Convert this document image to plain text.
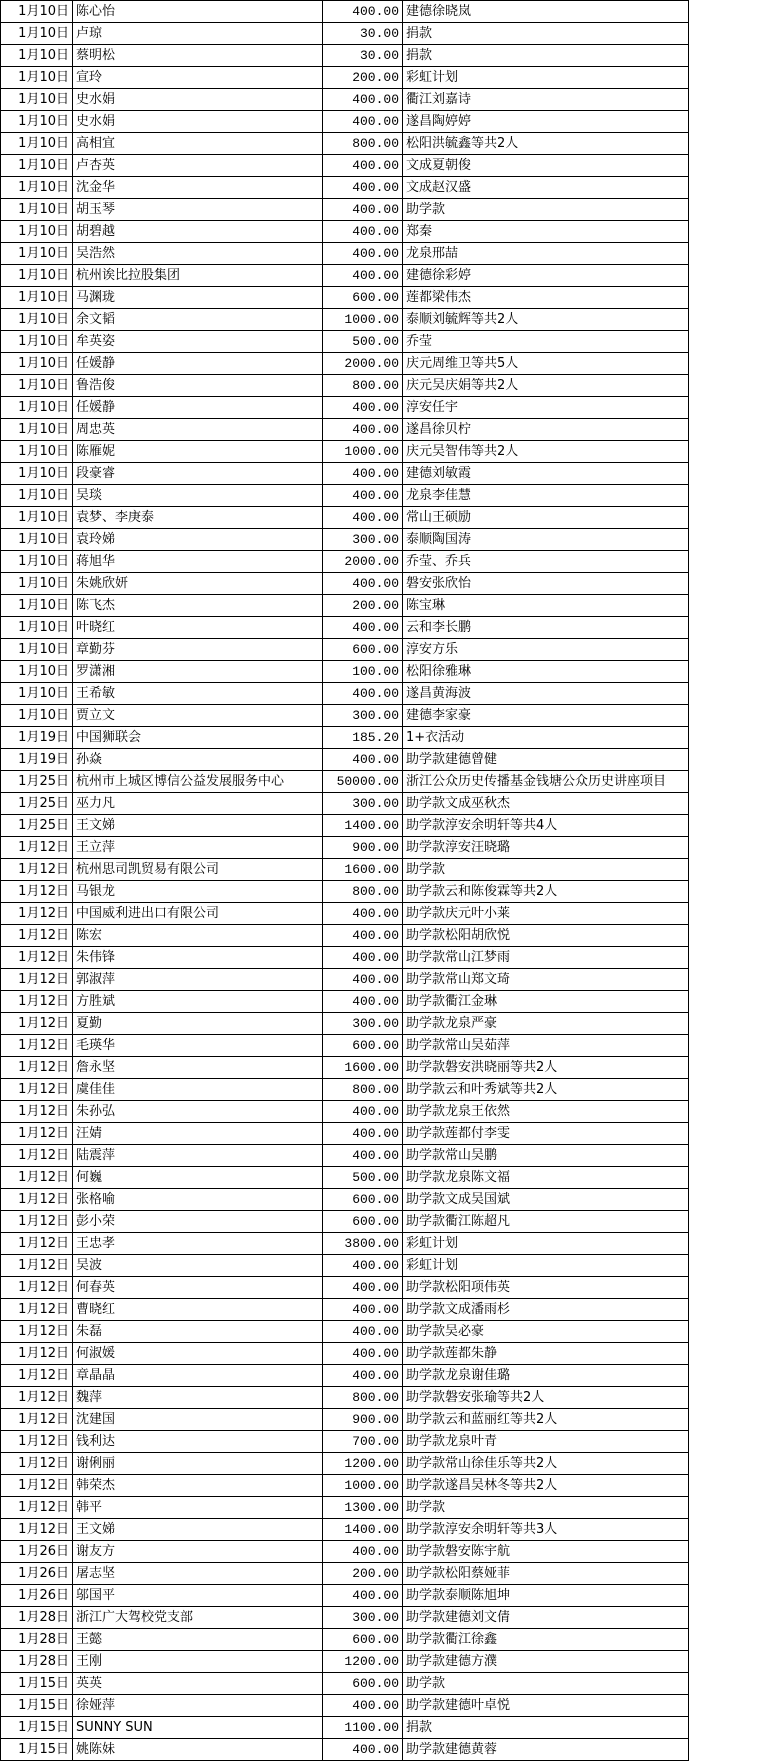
1月10日	陈心怡	400.00	建德徐晓岚
1月10日	卢琼	30.00	捐款
1月10日	蔡明松	30.00	捐款
1月10日	宣玲	200.00	彩虹计划
1月10日	史水娟	400.00	衢江刘嘉诗
1月10日	史水娟	400.00	遂昌陶婷婷
1月10日	高相宜	800.00	松阳洪毓鑫等共2人
1月10日	卢杏英	400.00	文成夏朝俊
1月10日	沈金华	400.00	文成赵汉盛
1月10日	胡玉琴	400.00	助学款
1月10日	胡碧越	400.00	郑秦
1月10日	吴浩然	400.00	龙泉邢喆
1月10日	杭州诶比拉股集团	400.00	建德徐彩婷
1月10日	马渊珑	600.00	莲都梁伟杰
1月10日	余文韬	1000.00	泰顺刘毓辉等共2人
1月10日	牟英姿	500.00	乔莹
1月10日	任媛静	2000.00	庆元周维卫等共5人
1月10日	鲁浩俊	800.00	庆元吴庆娟等共2人
1月10日	任媛静	400.00	淳安任宇
1月10日	周忠英	400.00	遂昌徐贝柠
1月10日	陈雁妮	1000.00	庆元吴智伟等共2人
1月10日	段豪睿	400.00	建德刘敏霞
1月10日	吴琰	400.00	龙泉李佳慧
1月10日	袁梦、李庚泰	400.00	常山王硕励
1月10日	袁玲娣	300.00	泰顺陶国涛
1月10日	蒋旭华	2000.00	乔莹、乔兵
1月10日	朱姚欣妍	400.00	磐安张欣怡
1月10日	陈飞杰	200.00	陈宝琳
1月10日	叶晓红	400.00	云和李长鹏
1月10日	章勤芬	600.00	淳安方乐
1月10日	罗潇湘	100.00	松阳徐雅琳
1月10日	王希敏	400.00	遂昌黄海波
1月10日	贾立文	300.00	建德李家豪
1月19日	中国狮联会	185.20	1+衣活动
1月19日	孙焱	400.00	助学款建德曾健
1月25日	杭州市上城区博信公益发展服务中心	50000.00	浙江公众历史传播基金钱塘公众历史讲座项目
1月25日	巫力凡	300.00	助学款文成巫秋杰
1月25日	王文娣	1400.00	助学款淳安余明轩等共4人
1月12日	王立萍	900.00	助学款淳安汪晓璐
1月12日	杭州思司凯贸易有限公司	1600.00	助学款
1月12日	马银龙	800.00	助学款云和陈俊霖等共2人
1月12日	中国威利进出口有限公司	400.00	助学款庆元叶小莱
1月12日	陈宏	400.00	助学款松阳胡欣悦
1月12日	朱伟锋	400.00	助学款常山江梦雨
1月12日	郭淑萍	400.00	助学款常山郑文琦
1月12日	方胜斌	400.00	助学款衢江金琳
1月12日	夏勤	300.00	助学款龙泉严豪
1月12日	毛瑛华	600.00	助学款常山吴茹萍
1月12日	詹永坚	1600.00	助学款磐安洪晓丽等共2人
1月12日	虞佳佳	800.00	助学款云和叶秀斌等共2人
1月12日	朱孙弘	400.00	助学款龙泉王依然
1月12日	汪婧	400.00	助学款莲都付李雯
1月12日	陆震萍	400.00	助学款常山吴鹏
1月12日	何巍	500.00	助学款龙泉陈文福
1月12日	张格喻	600.00	助学款文成吴国斌
1月12日	彭小荣	600.00	助学款衢江陈超凡
1月12日	王忠孝	3800.00	彩虹计划
1月12日	吴波	400.00	彩虹计划
1月12日	何春英	400.00	助学款松阳项伟英
1月12日	曹晓红	400.00	助学款文成潘雨杉
1月12日	朱磊	400.00	助学款吴必豪
1月12日	何淑媛	400.00	助学款莲都朱静
1月12日	章晶晶	400.00	助学款龙泉谢佳璐
1月12日	魏萍	800.00	助学款磐安张瑜等共2人
1月12日	沈建国	900.00	助学款云和蓝丽红等共2人
1月12日	钱利达	700.00	助学款龙泉叶青
1月12日	谢俐丽	1200.00	助学款常山徐佳乐等共2人
1月12日	韩荣杰	1000.00	助学款遂昌吴林冬等共2人
1月12日	韩平	1300.00	助学款
1月12日	王文娣	1400.00	助学款淳安余明轩等共3人
1月26日	谢友方	400.00	助学款磐安陈宇航
1月26日	屠志坚	200.00	助学款松阳蔡娅菲
1月26日	邬国平	400.00	助学款泰顺陈旭坤
1月28日	浙江广大驾校党支部	300.00	助学款建德刘文倩
1月28日	王懿	600.00	助学款衢江徐鑫
1月28日	王刚	1200.00	助学款建德方濮
1月15日	英英	600.00	助学款
1月15日	徐娅萍	400.00	助学款建德叶卓悦
1月15日	SUNNY SUN	1100.00	捐款
1月15日	姚陈妹	400.00	助学款建德黄蓉
